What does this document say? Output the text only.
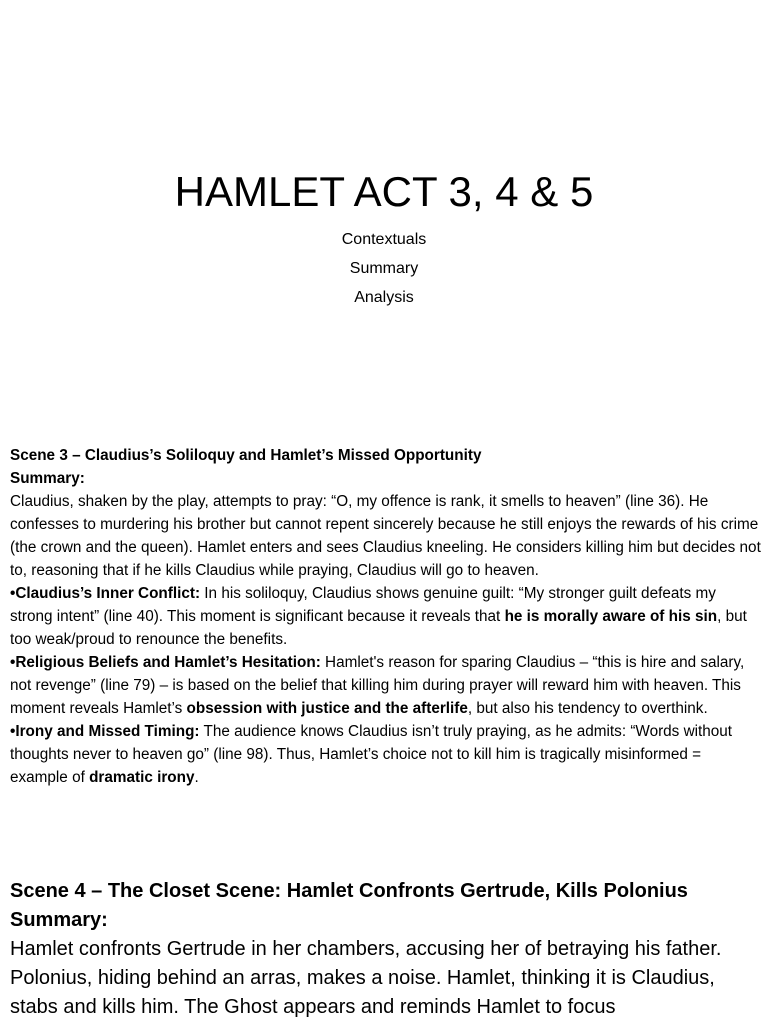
HAMLET ACT 3, 4 & 5
Contextuals
Summary
Analysis
Scene 3 – Claudius’s Soliloquy and Hamlet’s Missed Opportunity
Summary:

Claudius, shaken by the play, attempts to pray: “O, my offence is rank, it smells to heaven” (line 36). He confesses to murdering his brother but cannot repent sincerely because he still enjoys the rewards of his crime (the crown and the queen). Hamlet enters and sees Claudius kneeling. He considers killing him but decides not to, reasoning that if he kills Claudius while praying, Claudius will go to heaven.

•Claudius’s Inner Conflict: In his soliloquy, Claudius shows genuine guilt: “My stronger guilt defeats my strong intent” (line 40). This moment is significant because it reveals that he is morally aware of his sin, but too weak/proud to renounce the benefits.

•Religious Beliefs and Hamlet’s Hesitation: Hamlet's reason for sparing Claudius – “this is hire and salary, not revenge” (line 79) – is based on the belief that killing him during prayer will reward him with heaven. This moment reveals Hamlet’s obsession with justice and the afterlife, but also his tendency to overthink.

•Irony and Missed Timing: The audience knows Claudius isn’t truly praying, as he admits: “Words without thoughts never to heaven go” (line 98). Thus, Hamlet’s choice not to kill him is tragically misinformed = example of dramatic irony.

Scene 4 – The Closet Scene: Hamlet Confronts Gertrude, Kills Polonius
Summary:

Hamlet confronts Gertrude in her chambers, accusing her of betraying his father. Polonius, hiding behind an arras, makes a noise. Hamlet, thinking it is Claudius, stabs and kills him. The Ghost appears and reminds Hamlet to focus
